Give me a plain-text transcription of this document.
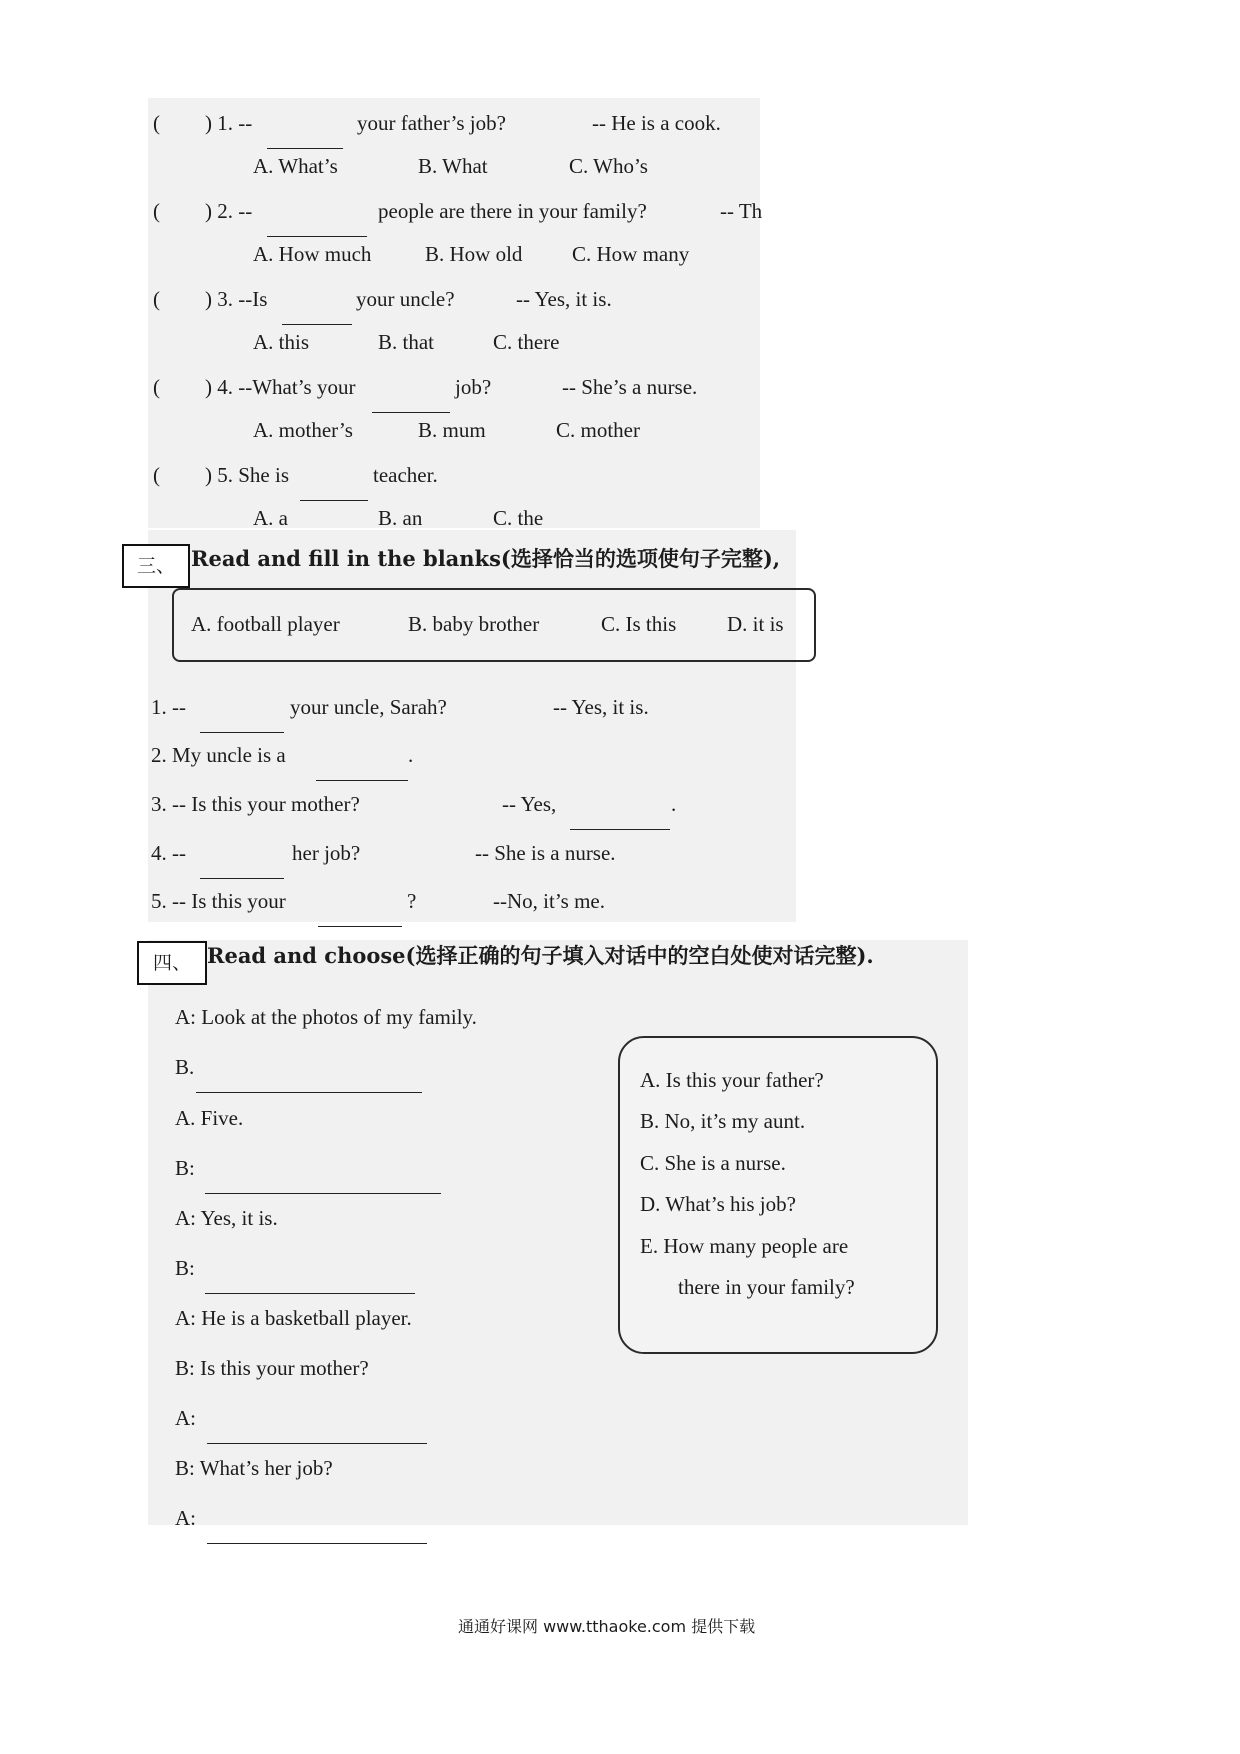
( ) 1. --	your father’s job?	-- He is a cook.
A. What’s	B. What	C. Who’s
( ) 2. --	people are there in your family?	-- Th
A. How much	B. How old C. How many
( ) 3. --Is	your uncle?	-- Yes, it is.
A. this	B. that	C. there
( ) 4. --What’s your	job?	-- She’s a nurse.
A. mother’s	B. mum	C. mother
( ) 5. She is	teacher.
A. a	B. an	C. the
三、 Read and fill in the blanks(选择恰当的选项使句子完整),
A. football player	B. baby brother	C. Is this D. it is
1. --	your uncle, Sarah?	-- Yes, it is.
2. My uncle is a	.
3. -- Is this your mother?	-- Yes,	.
4. --	her job?	-- She is a nurse.
5. -- Is this your	?	--No, it’s me.
四、 Read and choose(选择正确的句子填入对话中的空白处使对话完整).
A: Look at the photos of my family.
B.
A. Five.
B:
A: Yes, it is.
B:
A: He is a basketball player.
B: Is this your mother?
A:
B: What’s her job?
A:
A. Is this your father?
B. No, it’s my aunt.
C. She is a nurse.
D. What’s his job?
E. How many people are
there in your family?
通通好课网 www.tthaoke.com 提供下载
